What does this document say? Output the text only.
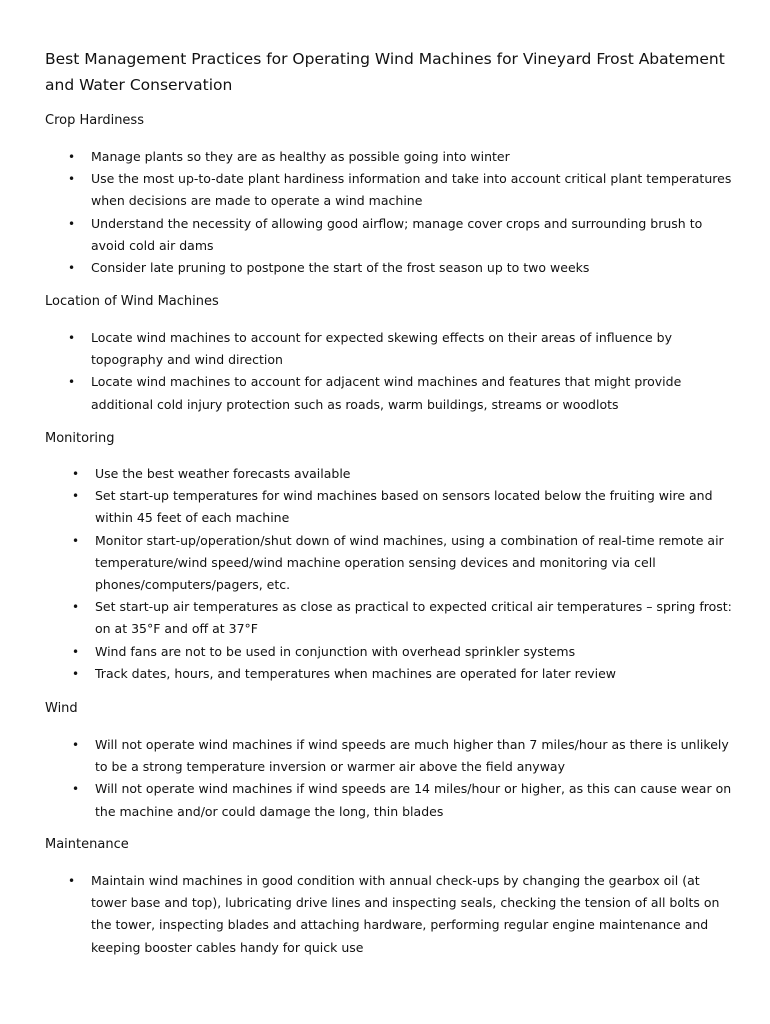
Best Management Practices for Operating Wind Machines for Vineyard Frost Abatement and Water Conservation
Crop Hardiness
• Manage plants so they are as healthy as possible going into winter
• Use the most up-to-date plant hardiness information and take into account critical plant temperatures when decisions are made to operate a wind machine
• Understand the necessity of allowing good airflow; manage cover crops and surrounding brush to avoid cold air dams
• Consider late pruning to postpone the start of the frost season up to two weeks
Location of Wind Machines
• Locate wind machines to account for expected skewing effects on their areas of influence by topography and wind direction
• Locate wind machines to account for adjacent wind machines and features that might provide additional cold injury protection such as roads, warm buildings, streams or woodlots
Monitoring
• Use the best weather forecasts available
• Set start-up temperatures for wind machines based on sensors located below the fruiting wire and within 45 feet of each machine
• Monitor start-up/operation/shut down of wind machines, using a combination of real-time remote air temperature/wind speed/wind machine operation sensing devices and monitoring via cell phones/computers/pagers, etc.
• Set start-up air temperatures as close as practical to expected critical air temperatures – spring frost: on at 35°F and off at 37°F
• Wind fans are not to be used in conjunction with overhead sprinkler systems
• Track dates, hours, and temperatures when machines are operated for later review
Wind
• Will not operate wind machines if wind speeds are much higher than 7 miles/hour as there is unlikely to be a strong temperature inversion or warmer air above the field anyway
• Will not operate wind machines if wind speeds are 14 miles/hour or higher, as this can cause wear on the machine and/or could damage the long, thin blades
Maintenance
• Maintain wind machines in good condition with annual check-ups by changing the gearbox oil (at tower base and top), lubricating drive lines and inspecting seals, checking the tension of all bolts on the tower, inspecting blades and attaching hardware, performing regular engine maintenance and keeping booster cables handy for quick use
